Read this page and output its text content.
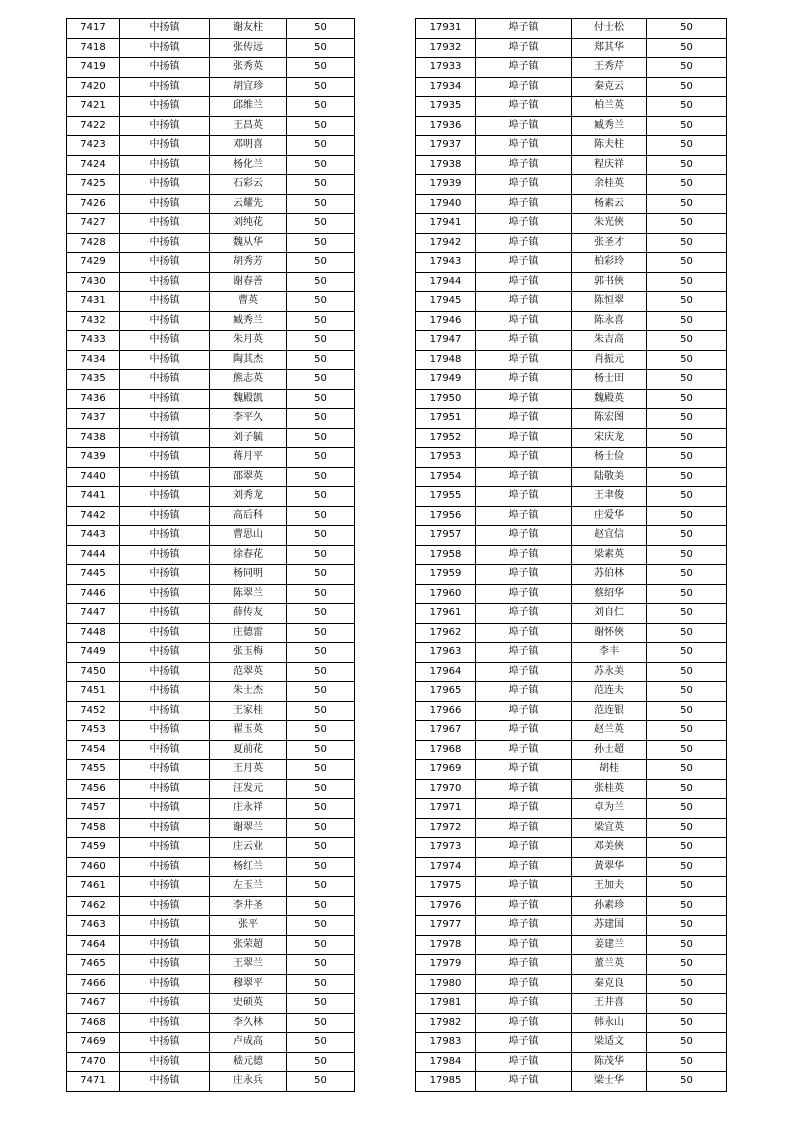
7417	中扬镇	谢友柱	50
7418	中扬镇	张传远	50
7419	中扬镇	张秀英	50
7420	中扬镇	胡宜珍	50
7421	中扬镇	邱维兰	50
7422	中扬镇	王昌英	50
7423	中扬镇	邓明喜	50
7424	中扬镇	杨化兰	50
7425	中扬镇	石彩云	50
7426	中扬镇	云耀先	50
7427	中扬镇	刘纯花	50
7428	中扬镇	魏从华	50
7429	中扬镇	胡秀芳	50
7430	中扬镇	谢春善	50
7431	中扬镇	曹英	50
7432	中扬镇	臧秀兰	50
7433	中扬镇	朱月英	50
7434	中扬镇	陶其杰	50
7435	中扬镇	熊志英	50
7436	中扬镇	魏殿凯	50
7437	中扬镇	李平久	50
7438	中扬镇	刘子毓	50
7439	中扬镇	蒋月平	50
7440	中扬镇	邵翠英	50
7441	中扬镇	刘秀龙	50
7442	中扬镇	高后科	50
7443	中扬镇	曹思山	50
7444	中扬镇	徐春花	50
7445	中扬镇	杨同明	50
7446	中扬镇	陈翠兰	50
7447	中扬镇	薛传友	50
7448	中扬镇	庄德雷	50
7449	中扬镇	张玉梅	50
7450	中扬镇	范翠英	50
7451	中扬镇	朱士杰	50
7452	中扬镇	王家桂	50
7453	中扬镇	翟玉英	50
7454	中扬镇	夏前花	50
7455	中扬镇	王月英	50
7456	中扬镇	汪发元	50
7457	中扬镇	庄永祥	50
7458	中扬镇	谢翠兰	50
7459	中扬镇	庄云业	50
7460	中扬镇	杨红兰	50
7461	中扬镇	左玉兰	50
7462	中扬镇	李井圣	50
7463	中扬镇	张平	50
7464	中扬镇	张荣超	50
7465	中扬镇	王翠兰	50
7466	中扬镇	穆翠平	50
7467	中扬镇	史硕英	50
7468	中扬镇	李久林	50
7469	中扬镇	卢成高	50
7470	中扬镇	嵇元德	50
7471	中扬镇	庄永兵	50
17931	埠子镇	付士松	50
17932	埠子镇	郑其华	50
17933	埠子镇	王秀芹	50
17934	埠子镇	秦克云	50
17935	埠子镇	柏兰英	50
17936	埠子镇	臧秀兰	50
17937	埠子镇	陈夫柱	50
17938	埠子镇	程庆祥	50
17939	埠子镇	余桂英	50
17940	埠子镇	杨素云	50
17941	埠子镇	朱光俠	50
17942	埠子镇	张圣才	50
17943	埠子镇	柏彩玲	50
17944	埠子镇	郭书俠	50
17945	埠子镇	陈恒翠	50
17946	埠子镇	陈永喜	50
17947	埠子镇	朱吉高	50
17948	埠子镇	肖振元	50
17949	埠子镇	杨士田	50
17950	埠子镇	魏殿英	50
17951	埠子镇	陈宏图	50
17952	埠子镇	宋庆龙	50
17953	埠子镇	杨士俭	50
17954	埠子镇	陆敬美	50
17955	埠子镇	王聿俊	50
17956	埠子镇	庄爱华	50
17957	埠子镇	赵宜信	50
17958	埠子镇	梁素英	50
17959	埠子镇	苏伯林	50
17960	埠子镇	蔡绍华	50
17961	埠子镇	刘自仁	50
17962	埠子镇	谢怀俠	50
17963	埠子镇	李丰	50
17964	埠子镇	苏永美	50
17965	埠子镇	范连夫	50
17966	埠子镇	范连银	50
17967	埠子镇	赵兰英	50
17968	埠子镇	孙士超	50
17969	埠子镇	胡桂	50
17970	埠子镇	张桂英	50
17971	埠子镇	卓为兰	50
17972	埠子镇	梁宜英	50
17973	埠子镇	邓美俠	50
17974	埠子镇	黄翠华	50
17975	埠子镇	王加夫	50
17976	埠子镇	孙素珍	50
17977	埠子镇	苏建国	50
17978	埠子镇	姜建兰	50
17979	埠子镇	董兰英	50
17980	埠子镇	秦克良	50
17981	埠子镇	王井喜	50
17982	埠子镇	韩永山	50
17983	埠子镇	梁适文	50
17984	埠子镇	陈茂华	50
17985	埠子镇	梁士华	50
